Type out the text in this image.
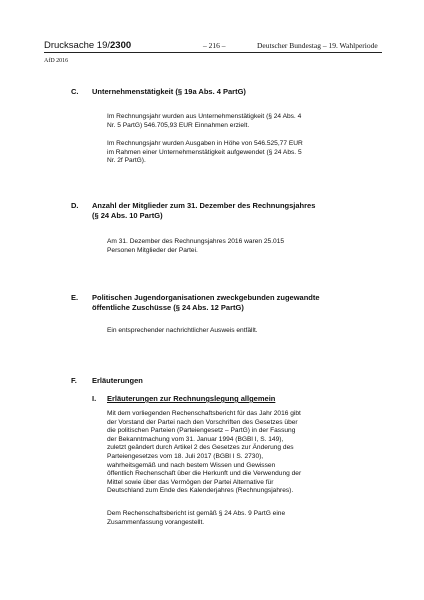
Drucksache 19/2300	– 216 –	Deutscher Bundestag – 19. Wahlperiode
AfD 2016
C. Unternehmenstätigkeit (§ 19a Abs. 4 PartG)
Im Rechnungsjahr wurden aus Unternehmenstätigkeit (§ 24 Abs. 4
Nr. 5 PartG) 546.705,93 EUR Einnahmen erzielt.
Im Rechnungsjahr wurden Ausgaben in Höhe von 546.525,77 EUR
im Rahmen einer Unternehmenstätigkeit aufgewendet (§ 24 Abs. 5
Nr. 2f PartG).
D. Anzahl der Mitglieder zum 31. Dezember des Rechnungsjahres
(§ 24 Abs. 10 PartG)
Am 31. Dezember des Rechnungsjahres 2016 waren 25.015
Personen Mitglieder der Partei.
E. Politischen Jugendorganisationen zweckgebunden zugewandte
öffentliche Zuschüsse (§ 24 Abs. 12 PartG)
Ein entsprechender nachrichtlicher Ausweis entfällt.
F. Erläuterungen
I. Erläuterungen zur Rechnungslegung allgemein
Mit dem vorliegenden Rechenschaftsbericht für das Jahr 2016 gibt
der Vorstand der Partei nach den Vorschriften des Gesetzes über
die politischen Parteien (Parteiengesetz – PartG) in der Fassung
der Bekanntmachung vom 31. Januar 1994 (BGBl I, S. 149),
zuletzt geändert durch Artikel 2 des Gesetzes zur Änderung des
Parteiengesetzes vom 18. Juli 2017 (BGBl I S. 2730),
wahrheitsgemäß und nach bestem Wissen und Gewissen
öffentlich Rechenschaft über die Herkunft und die Verwendung der
Mittel sowie über das Vermögen der Partei Alternative für
Deutschland zum Ende des Kalenderjahres (Rechnungsjahres).
Dem Rechenschaftsbericht ist gemäß § 24 Abs. 9 PartG eine
Zusammenfassung vorangestellt.
